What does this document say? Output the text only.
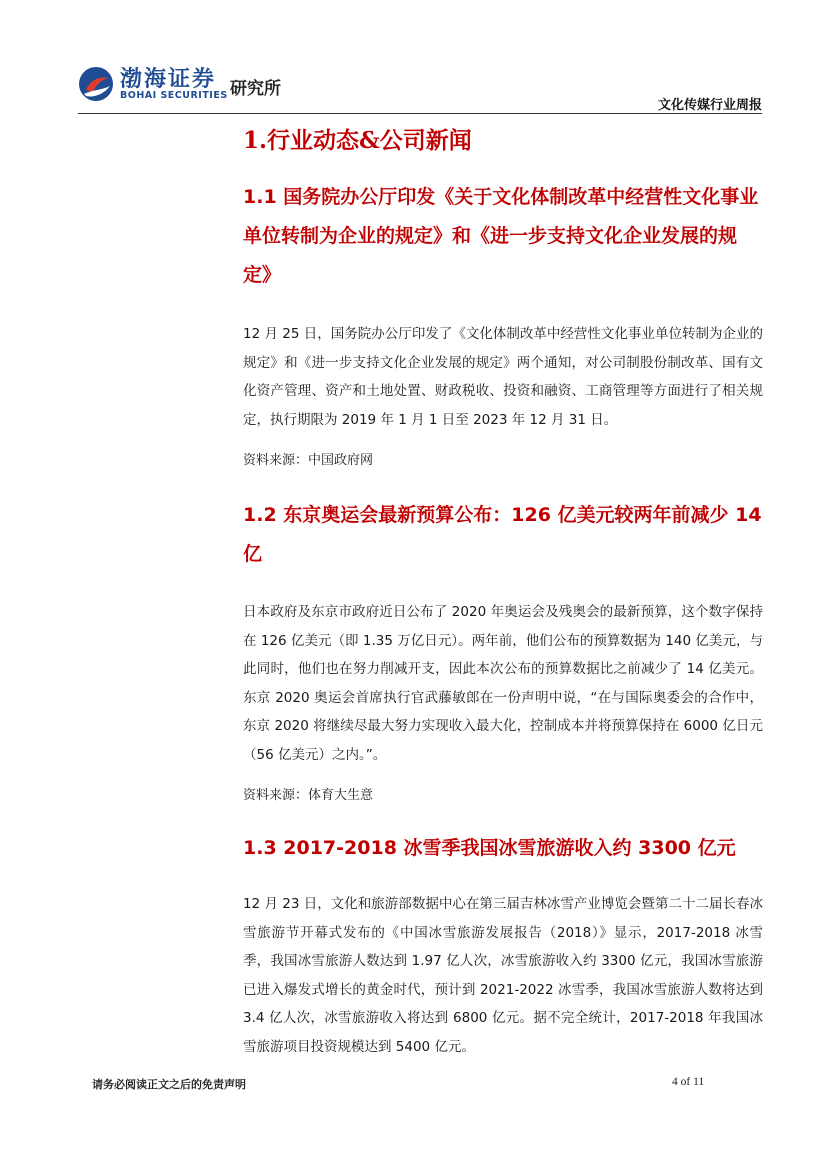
渤海证券
BOHAI SECURITIES 研究所
文化传媒行业周报
1.行业动态&公司新闻
1.1 国务院办公厅印发《关于文化体制改革中经营性文化事业单位转制为企业的规定》和《进一步支持文化企业发展的规定》

12 月 25 日，国务院办公厅印发了《文化体制改革中经营性文化事业单位转制为企业的规定》和《进一步支持文化企业发展的规定》两个通知，对公司制股份制改革、国有文化资产管理、资产和土地处置、财政税收、投资和融资、工商管理等方面进行了相关规定，执行期限为 2019 年 1 月 1 日至 2023 年 12 月 31 日。

资料来源：中国政府网

1.2 东京奥运会最新预算公布：126 亿美元较两年前减少 14 亿

日本政府及东京市政府近日公布了 2020 年奥运会及残奥会的最新预算，这个数字保持在 126 亿美元（即 1.35 万亿日元）。两年前，他们公布的预算数据为 140 亿美元，与此同时，他们也在努力削减开支，因此本次公布的预算数据比之前减少了 14 亿美元。东京 2020 奥运会首席执行官武藤敏郎在一份声明中说，“在与国际奥委会的合作中，东京 2020 将继续尽最大努力实现收入最大化，控制成本并将预算保持在 6000 亿日元（56 亿美元）之内。”。

资料来源：体育大生意

1.3 2017-2018 冰雪季我国冰雪旅游收入约 3300 亿元

12 月 23 日，文化和旅游部数据中心在第三届吉林冰雪产业博览会暨第二十二届长春冰雪旅游节开幕式发布的《中国冰雪旅游发展报告（2018）》显示，2017-2018 冰雪季，我国冰雪旅游人数达到 1.97 亿人次，冰雪旅游收入约 3300 亿元，我国冰雪旅游已进入爆发式增长的黄金时代，预计到 2021-2022 冰雪季，我国冰雪旅游人数将达到 3.4 亿人次，冰雪旅游收入将达到 6800 亿元。据不完全统计，2017-2018 年我国冰雪旅游项目投资规模达到 5400 亿元。

请务必阅读正文之后的免责声明	4 of 11
